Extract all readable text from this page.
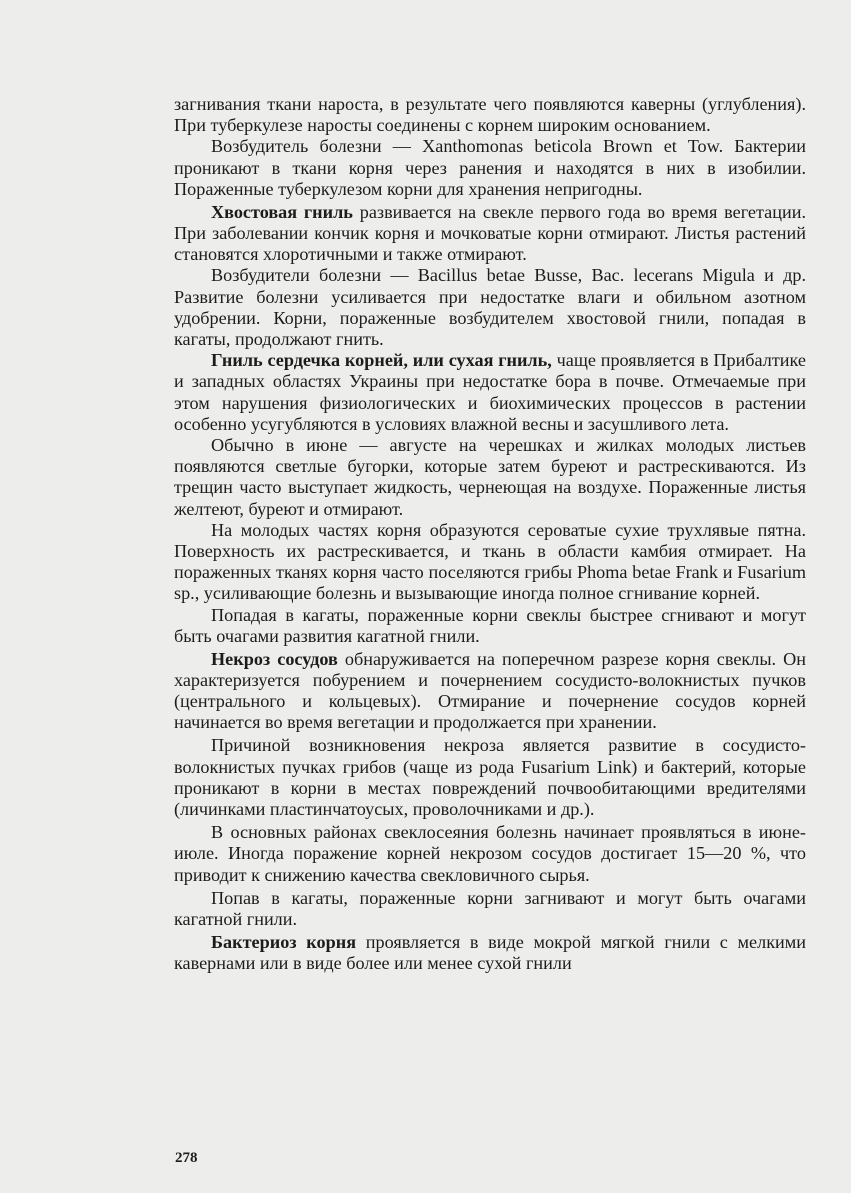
загнивания ткани нароста, в результате чего появляются каверны (углубления). При туберкулезе наросты соединены с корнем широким основанием.

Возбудитель болезни — Xanthomonas beticola Brown et Tow. Бактерии проникают в ткани корня через ранения и находятся в них в изобилии. Пораженные туберкулезом корни для хранения непригодны.

Хвостовая гниль развивается на свекле первого года во время вегетации. При заболевании кончик корня и мочковатые корни отмирают. Листья растений становятся хлоротичными и также отмирают.

Возбудители болезни — Bacillus betae Busse, Bac. lecerans Migula и др. Развитие болезни усиливается при недостатке влаги и обильном азотном удобрении. Корни, пораженные возбудителем хвостовой гнили, попадая в кагаты, продолжают гнить.

Гниль сердечка корней, или сухая гниль, чаще проявляется в Прибалтике и западных областях Украины при недостатке бора в почве. Отмечаемые при этом нарушения физиологических и биохимических процессов в растении особенно усугубляются в условиях влажной весны и засушливого лета.

Обычно в июне — августе на черешках и жилках молодых листьев появляются светлые бугорки, которые затем буреют и растрескиваются. Из трещин часто выступает жидкость, чернеющая на воздухе. Пораженные листья желтеют, буреют и отмирают.

На молодых частях корня образуются сероватые сухие трухлявые пятна. Поверхность их растрескивается, и ткань в области камбия отмирает. На пораженных тканях корня часто поселяются грибы Phoma betae Frank и Fusarium sp., усиливающие болезнь и вызывающие иногда полное сгнивание корней.

Попадая в кагаты, пораженные корни свеклы быстрее сгнивают и могут быть очагами развития кагатной гнили.

Некроз сосудов обнаруживается на поперечном разрезе корня свеклы. Он характеризуется побурением и почернением сосудисто-волокнистых пучков (центрального и кольцевых). Отмирание и почернение сосудов корней начинается во время вегетации и продолжается при хранении.

Причиной возникновения некроза является развитие в сосудисто-волокнистых пучках грибов (чаще из рода Fusarium Link) и бактерий, которые проникают в корни в местах повреждений почвообитающими вредителями (личинками пластинчатоусых, проволочниками и др.).

В основных районах свеклосеяния болезнь начинает проявляться в июне-июле. Иногда поражение корней некрозом сосудов достигает 15—20 %, что приводит к снижению качества свекловичного сырья.

Попав в кагаты, пораженные корни загнивают и могут быть очагами кагатной гнили.

Бактериоз корня проявляется в виде мокрой мягкой гнили с мелкими кавернами или в виде более или менее сухой гнили

278
